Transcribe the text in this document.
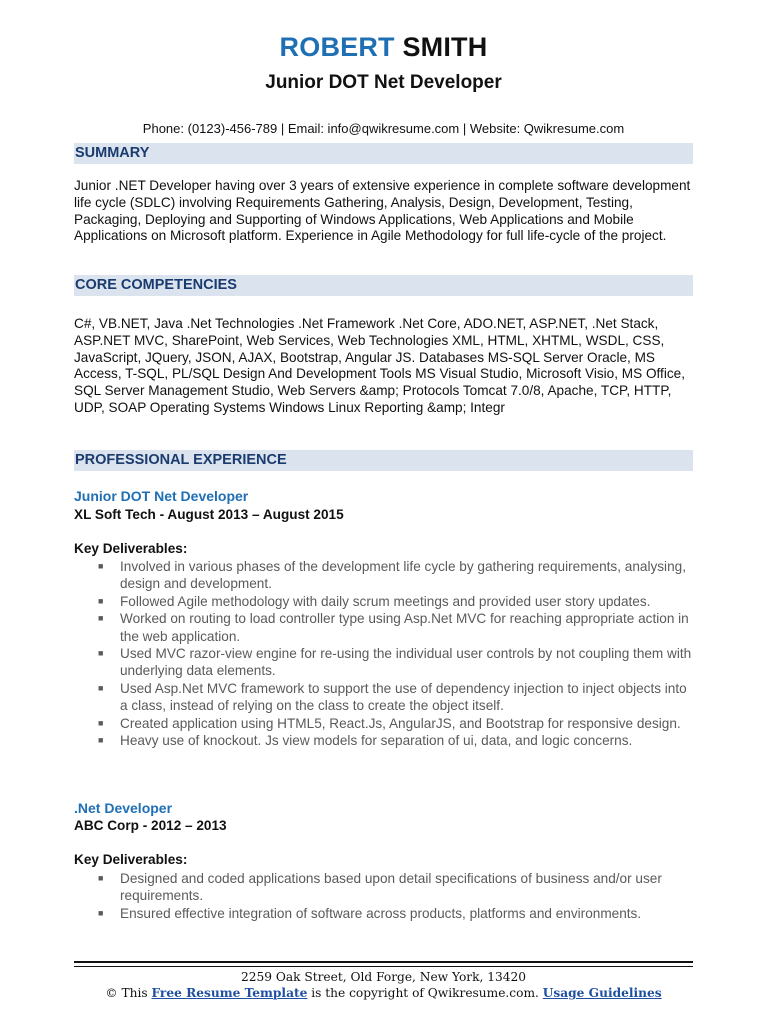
ROBERT SMITH
Junior DOT Net Developer
Phone: (0123)-456-789 | Email: info@qwikresume.com | Website: Qwikresume.com
SUMMARY

Junior .NET Developer having over 3 years of extensive experience in complete software development life cycle (SDLC) involving Requirements Gathering, Analysis, Design, Development, Testing, Packaging, Deploying and Supporting of Windows Applications, Web Applications and Mobile Applications on Microsoft platform. Experience in Agile Methodology for full life-cycle of the project.

CORE COMPETENCIES

C#, VB.NET, Java .Net Technologies .Net Framework .Net Core, ADO.NET, ASP.NET, .Net Stack, ASP.NET MVC, SharePoint, Web Services, Web Technologies XML, HTML, XHTML, WSDL, CSS, JavaScript, JQuery, JSON, AJAX, Bootstrap, Angular JS. Databases MS-SQL Server Oracle, MS Access, T-SQL, PL/SQL Design And Development Tools MS Visual Studio, Microsoft Visio, MS Office, SQL Server Management Studio, Web Servers &amp; Protocols Tomcat 7.0/8, Apache, TCP, HTTP, UDP, SOAP Operating Systems Windows Linux Reporting &amp; Integr

PROFESSIONAL EXPERIENCE
Junior DOT Net Developer
XL Soft Tech - August 2013 – August 2015
Key Deliverables:
■ Involved in various phases of the development life cycle by gathering requirements, analysing, design and development.
■ Followed Agile methodology with daily scrum meetings and provided user story updates.
■ Worked on routing to load controller type using Asp.Net MVC for reaching appropriate action in the web application.
■ Used MVC razor-view engine for re-using the individual user controls by not coupling them with underlying data elements.
■ Used Asp.Net MVC framework to support the use of dependency injection to inject objects into a class, instead of relying on the class to create the object itself.
■ Created application using HTML5, React.Js, AngularJS, and Bootstrap for responsive design.
■ Heavy use of knockout. Js view models for separation of ui, data, and logic concerns.
.Net Developer
ABC Corp - 2012 – 2013
Key Deliverables:
■ Designed and coded applications based upon detail specifications of business and/or user requirements.
■ Ensured effective integration of software across products, platforms and environments.
2259 Oak Street, Old Forge, New York, 13420
© This Free Resume Template is the copyright of Qwikresume.com. Usage Guidelines
